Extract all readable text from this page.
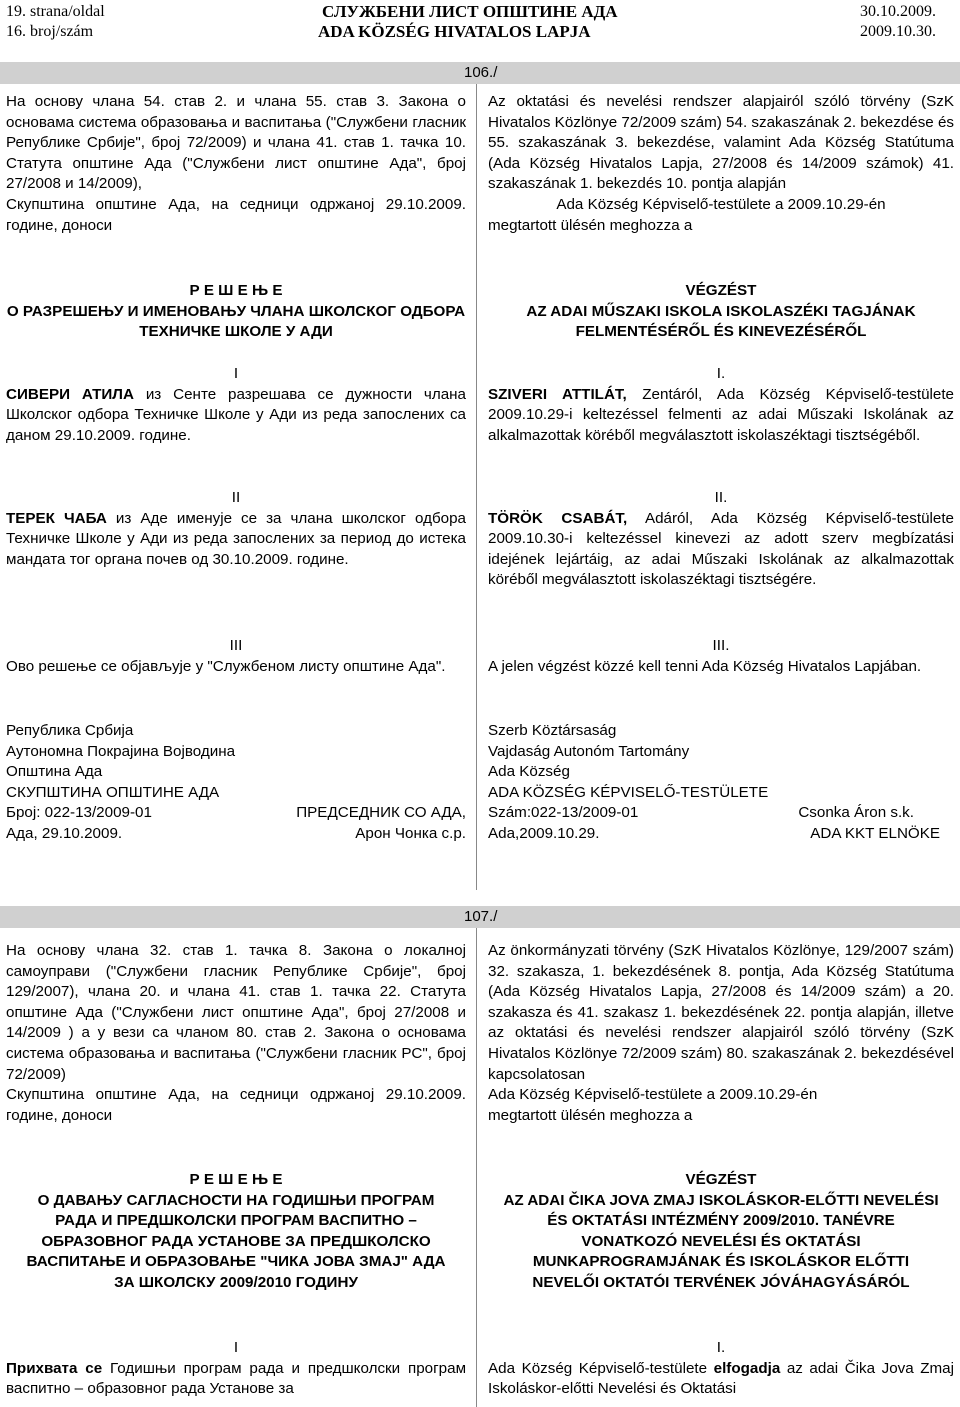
19. strana/oldal
16. broj/szám
СЛУЖБЕНИ ЛИСТ ОПШТИНЕ АДА
ADA KÖZSÉG HIVATALOS LAPJA
30.10.2009.
2009.10.30.
106./

На основу члана 54. став 2. и члана 55. став 3. Закона о основама система образовања и васпитања ("Службени гласник Републике Србије", број 72/2009) и члана 41. став 1. тачка 10. Статута општине Ада ("Службени лист општине Ада", број 27/2008 и 14/2009),

Скупштина општине Ада, на седници одржаној 29.10.2009. године, доноси

Р Е Ш Е Њ Е

О РАЗРЕШЕЊУ И ИМЕНОВАЊУ ЧЛАНА ШКОЛСКОГ ОДБОРА ТЕХНИЧКЕ ШКОЛЕ У АДИ

I

СИВЕРИ АТИЛА из Сенте разрешава се дужности члана Школског одбора Техничке Школе у Ади из реда запослених са даном 29.10.2009. године.

II

ТЕРЕК ЧАБА из Аде именује се за члана школског одбора Техничке Школе у Ади из реда запослених за период до истека мандата тог органа почев од 30.10.2009. године.

III

Ово решење се објављује у "Службеном листу општине Ада".

Република Србија

Аутономна Покрајина Војводина

Општина Ада

СКУПШТИНА ОПШТИНЕ АДА

Број: 022-13/2009-01	ПРЕДСЕДНИК СО АДА,
Ада, 29.10.2009.	Арон Чонка с.р.

Az oktatási és nevelési rendszer alapjairól szóló törvény (SzK Hivatalos Közlönye 72/2009 szám) 54. szakaszának 2. bekezdése és 55. szakaszának 3. bekezdése, valamint Ada Község Statútuma (Ada Község Hivatalos Lapja, 27/2008 és 14/2009 számok) 41. szakaszának 1. bekezdés 10. pontja alapján

Ada Község Képviselő-testülete a 2009.10.29-én

megtartott ülésén meghozza a

VÉGZÉST

AZ ADAI MŰSZAKI ISKOLA ISKOLASZÉKI TAGJÁNAK FELMENTÉSÉRŐL ÉS KINEVEZÉSÉRŐL

I.

SZIVERI ATTILÁT, Zentáról, Ada Község Képviselő-testülete 2009.10.29-i keltezéssel felmenti az adai Műszaki Iskolának az alkalmazottak köréből megválasztott iskolaszéktagi tisztségéből.

II.

TÖRÖK CSABÁT, Adáról, Ada Község Képviselő-testülete 2009.10.30-i keltezéssel kinevezi az adott szerv megbízatási idejének lejártáig, az adai Műszaki Iskolának az alkalmazottak köréből megválasztott iskolaszéktagi tisztségére.

III.

A jelen végzést közzé kell tenni Ada Község Hivatalos Lapjában.

Szerb Köztársaság

Vajdaság Autonóm Tartomány

Ada Község

ADA KÖZSÉG KÉPVISELŐ-TESTÜLETE

Szám:022-13/2009-01	Csonka Áron s.k.
Ada,2009.10.29.	ADA KKT ELNÖKE
107./

На основу члана 32. став 1. тачка 8. Закона о локалној самоуправи ("Службени гласник Републике Србије", број 129/2007), члана 20. и члана 41. став 1. тачка 22. Статута општине Ада ("Службени лист општине Ада", број 27/2008 и 14/2009 ) а у вези са чланом 80. став 2. Закона о основама система образовања и васпитања ("Службени гласник РС", број 72/2009)

Скупштина општине Ада, на седници одржаној 29.10.2009. године, доноси

Р Е Ш Е Њ Е

О ДАВАЊУ САГЛАСНОСТИ НА ГОДИШЊИ ПРОГРАМ РАДА И ПРЕДШКОЛСКИ ПРОГРАМ ВАСПИТНО – ОБРАЗОВНОГ РАДА УСТАНОВЕ ЗА ПРЕДШКОЛСКО ВАСПИТАЊЕ И ОБРАЗОВАЊЕ "ЧИКА ЈОВА ЗМАЈ" АДА ЗА ШКОЛСКУ 2009/2010 ГОДИНУ

I

Прихвата се Годишњи програм рада и предшколски програм васпитно – образовног рада Установе за

Az önkormányzati törvény (SzK Hivatalos Közlönye, 129/2007 szám) 32. szakasza, 1. bekezdésének 8. pontja, Ada Község Statútuma (Ada Község Hivatalos Lapja, 27/2008 és 14/2009 szám) a 20. szakasza és 41. szakasz 1. bekezdésének 22. pontja alapján, illetve az oktatási és nevelési rendszer alapjairól szóló törvény (SzK Hivatalos Közlönye 72/2009 szám) 80. szakaszának 2. bekezdésével kapcsolatosan

Ada Község Képviselő-testülete a 2009.10.29-én

megtartott ülésén meghozza a

VÉGZÉST

AZ ADAI ČIKA JOVA ZMAJ ISKOLÁSKOR-ELŐTTI NEVELÉSI ÉS OKTATÁSI INTÉZMÉNY 2009/2010. TANÉVRE VONATKOZÓ NEVELÉSI ÉS OKTATÁSI MUNKAPROGRAMJÁNAK ÉS ISKOLÁSKOR ELŐTTI NEVELŐI OKTATÓI TERVÉNEK JÓVÁHAGYÁSÁRÓL

I.

Ada Község Képviselő-testülete elfogadja az adai Čika Jova Zmaj Iskoláskor-előtti Nevelési és Oktatási
